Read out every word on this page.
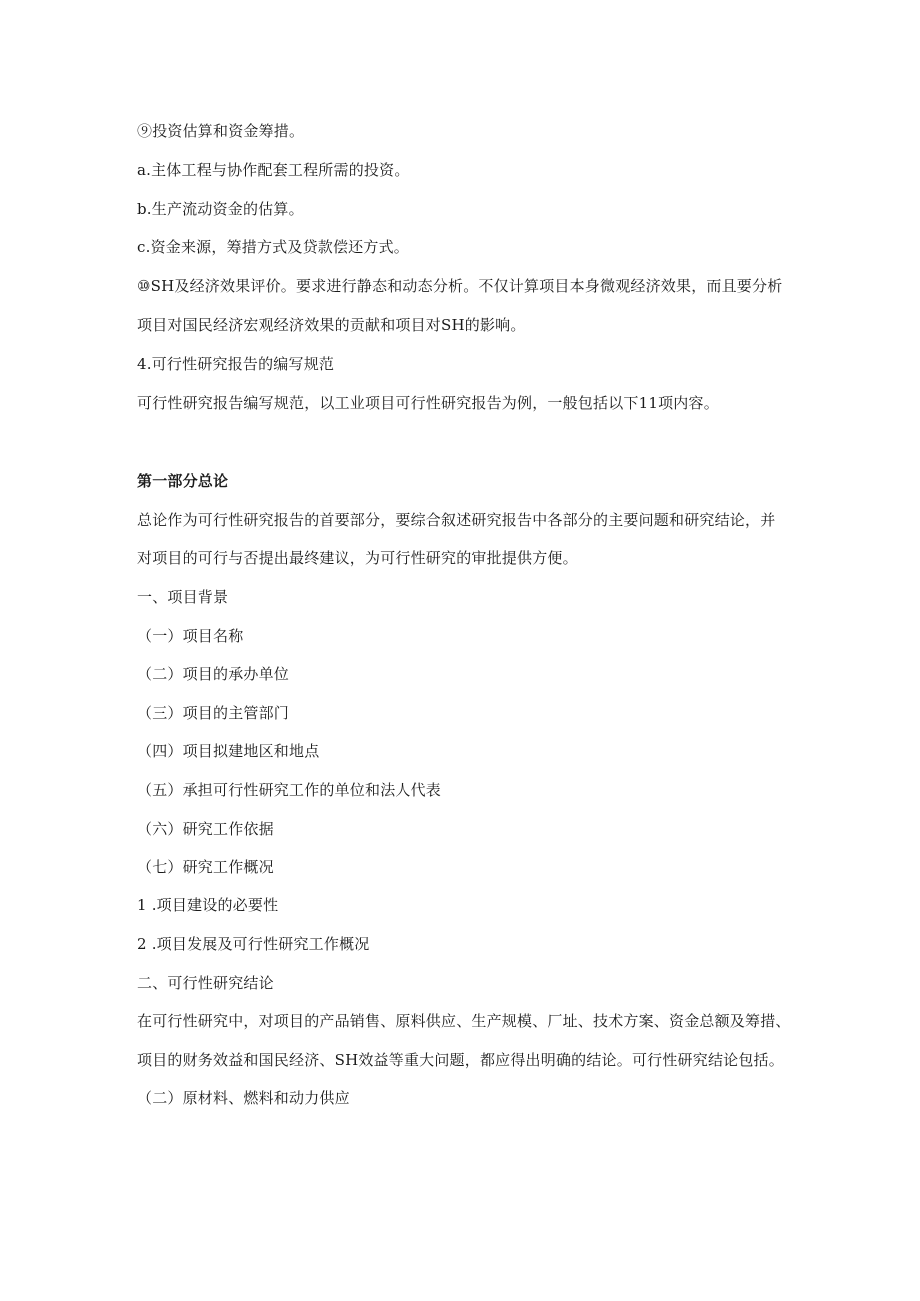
⑨投资估算和资金筹措。
a.主体工程与协作配套工程所需的投资。
b.生产流动资金的估算。
c.资金来源，筹措方式及贷款偿还方式。
⑩SH及经济效果评价。要求进行静态和动态分析。不仅计算项目本身微观经济效果，而且要分析
项目对国民经济宏观经济效果的贡献和项目对SH的影响。
4.可行性研究报告的编写规范
可行性研究报告编写规范，以工业项目可行性研究报告为例，一般包括以下11项内容。
第一部分总论
总论作为可行性研究报告的首要部分，要综合叙述研究报告中各部分的主要问题和研究结论，并
对项目的可行与否提出最终建议，为可行性研究的审批提供方便。
一、项目背景
（一）项目名称
（二）项目的承办单位
（三）项目的主管部门
（四）项目拟建地区和地点
（五）承担可行性研究工作的单位和法人代表
（六）研究工作依据
（七）研究工作概况
1 .项目建设的必要性
2 .项目发展及可行性研究工作概况
二、可行性研究结论
在可行性研究中，对项目的产品销售、原料供应、生产规模、厂址、技术方案、资金总额及筹措、
项目的财务效益和国民经济、SH效益等重大问题，都应得出明确的结论。可行性研究结论包括。
（二）原材料、燃料和动力供应
